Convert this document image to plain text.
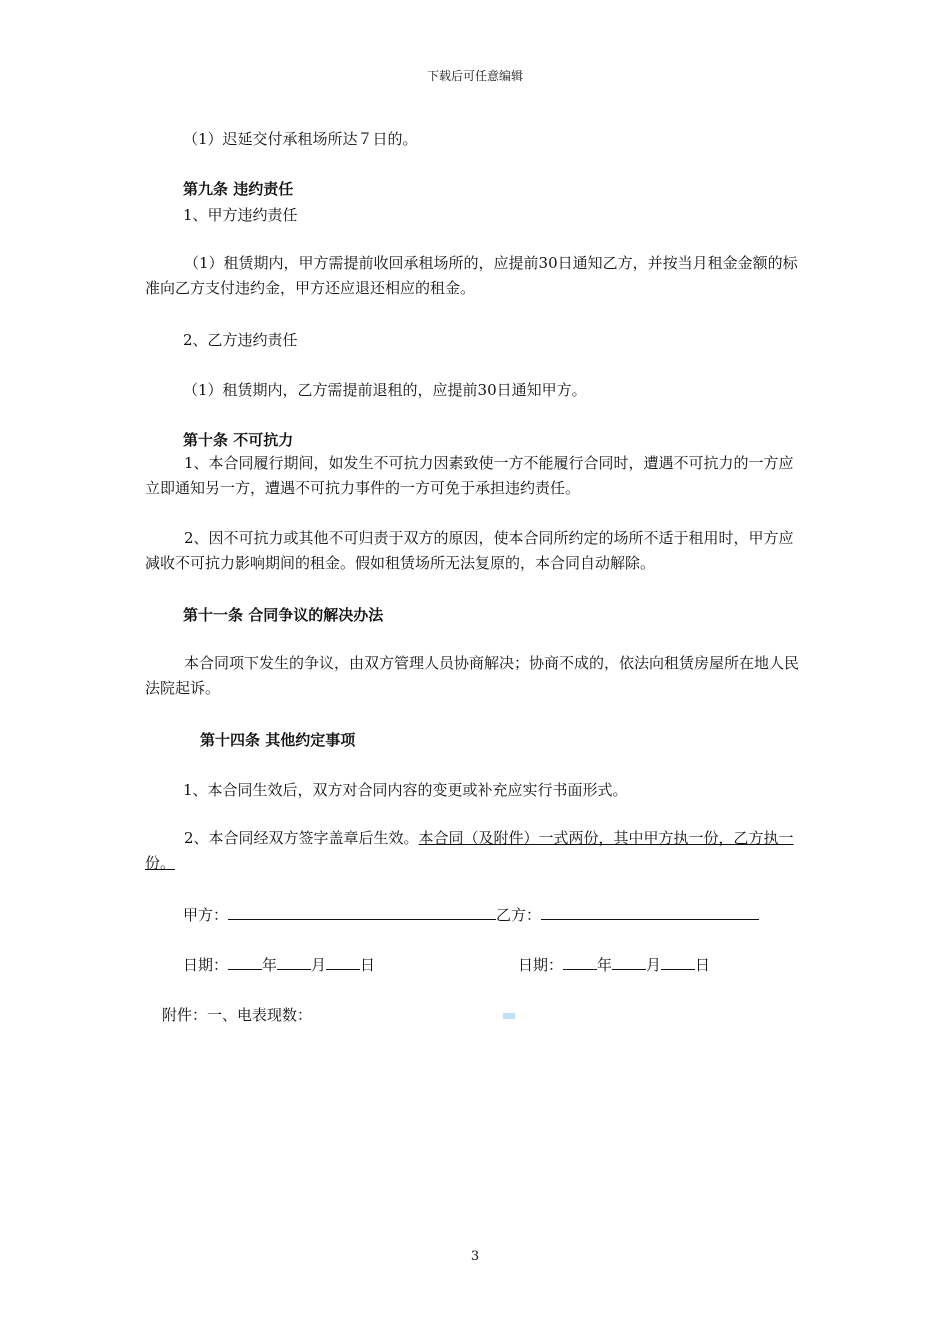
下载后可任意编辑
（1）迟延交付承租场所达７日的。
第九条 违约责任
1、甲方违约责任
（1）租赁期内，甲方需提前收回承租场所的，应提前30日通知乙方，并按当月租金金额的标准向乙方支付违约金，甲方还应退还相应的租金。
2、乙方违约责任
（1）租赁期内，乙方需提前退租的，应提前30日通知甲方。
第十条 不可抗力
1、本合同履行期间，如发生不可抗力因素致使一方不能履行合同时，遭遇不可抗力的一方应立即通知另一方，遭遇不可抗力事件的一方可免于承担违约责任。
2、因不可抗力或其他不可归责于双方的原因，使本合同所约定的场所不适于租用时，甲方应减收不可抗力影响期间的租金。假如租赁场所无法复原的，本合同自动解除。
第十一条 合同争议的解决办法
本合同项下发生的争议，由双方管理人员协商解决；协商不成的，依法向租赁房屋所在地人民法院起诉。
第十四条 其他约定事项
1、本合同生效后，双方对合同内容的变更或补充应实行书面形式。
2、本合同经双方签字盖章后生效。本合同（及附件）一式两份，其中甲方执一份，乙方执一份。
甲方：	乙方：
日期： 年 月 日	日期： 年 月 日
附件：一、电表现数：
3
